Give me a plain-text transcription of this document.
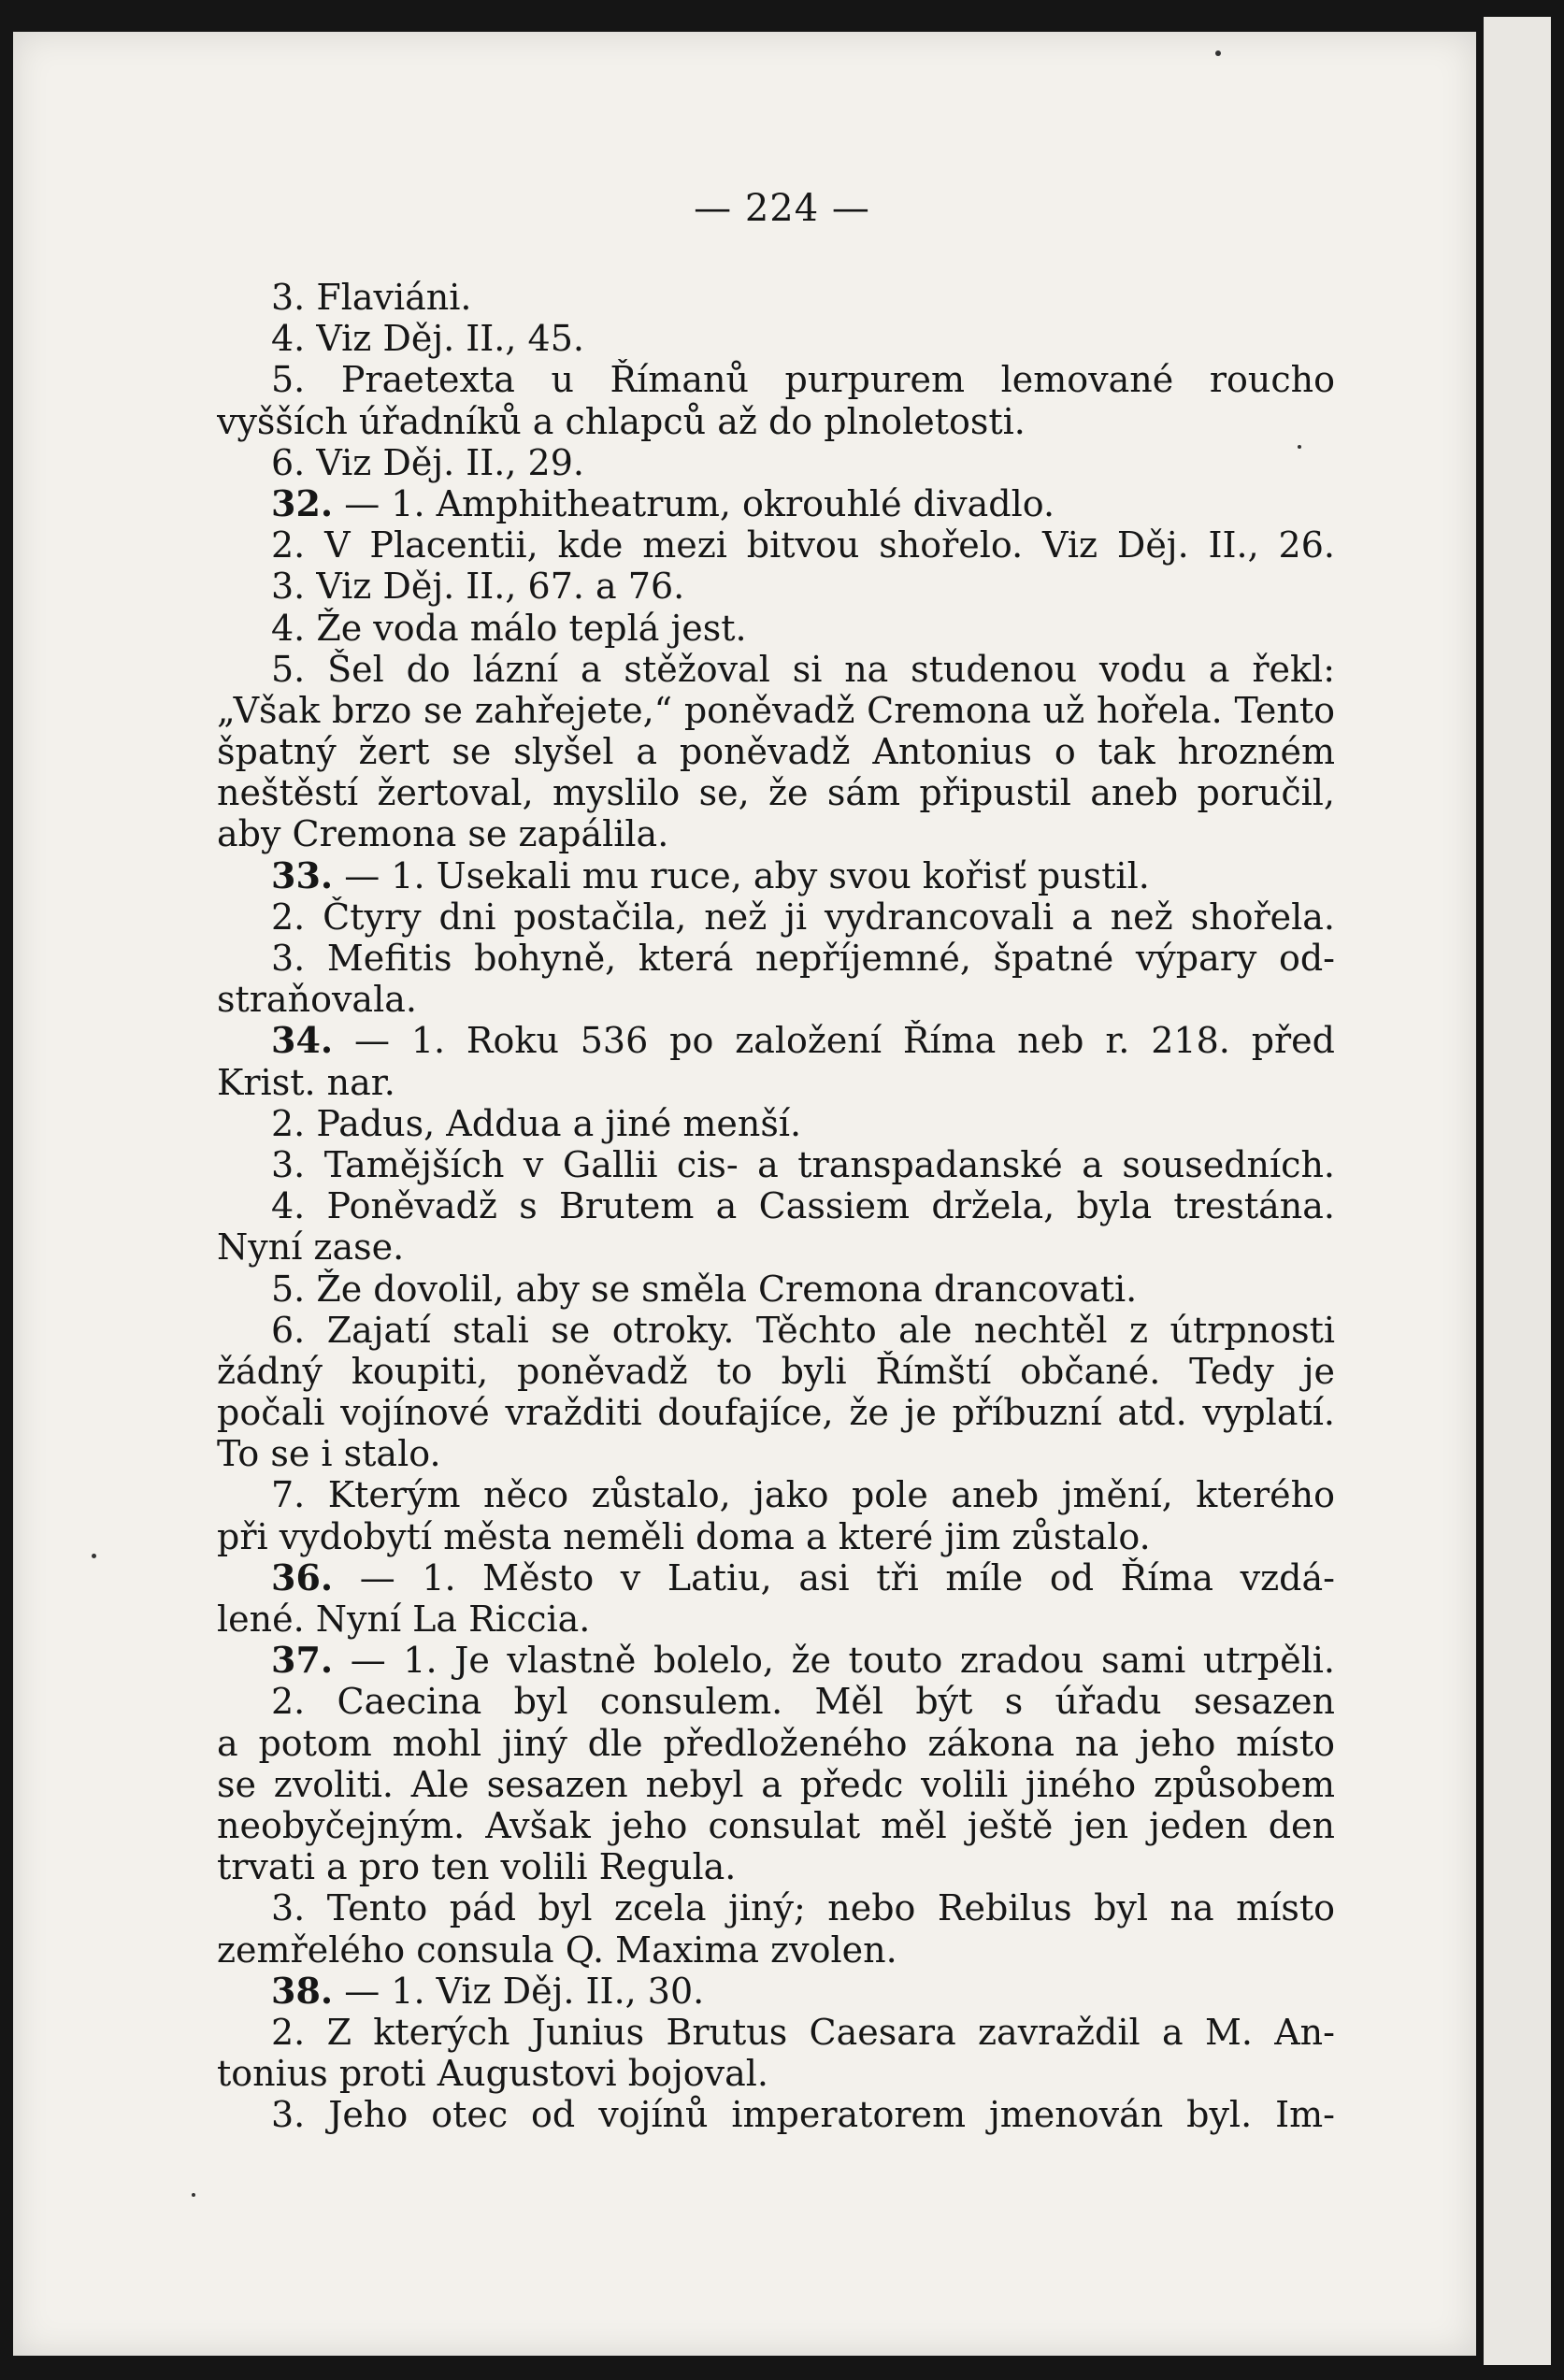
— 224 —
3. Flaviáni.
4. Viz Děj. II., 45.
5. Praetexta u Římanů purpurem lemované roucho
vyšších úřadníků a chlapců až do plnoletosti.
6. Viz Děj. II., 29.
32. — 1. Amphitheatrum, okrouhlé divadlo.
2. V Placentii, kde mezi bitvou shořelo. Viz Děj. II., 26.
3. Viz Děj. II., 67. a 76.
4. Že voda málo teplá jest.
5. Šel do lázní a stěžoval si na studenou vodu a řekl:
„Však brzo se zahřejete,“ poněvadž Cremona už hořela. Tento
špatný žert se slyšel a poněvadž Antonius o tak hrozném
neštěstí žertoval, myslilo se, že sám připustil aneb poručil,
aby Cremona se zapálila.
33. — 1. Usekali mu ruce, aby svou kořisť pustil.
2. Čtyry dni postačila, než ji vydrancovali a než shořela.
3. Mefitis bohyně, která nepříjemné, špatné výpary od-
straňovala.
34. — 1. Roku 536 po založení Říma neb r. 218. před
Krist. nar.
2. Padus, Addua a jiné menší.
3. Tamějších v Gallii cis- a transpadanské a sousedních.
4. Poněvadž s Brutem a Cassiem držela, byla trestána.
Nyní zase.
5. Že dovolil, aby se směla Cremona drancovati.
6. Zajatí stali se otroky. Těchto ale nechtěl z útrpnosti
žádný koupiti, poněvadž to byli Římští občané. Tedy je
počali vojínové vražditi doufajíce, že je příbuzní atd. vyplatí.
To se i stalo.
7. Kterým něco zůstalo, jako pole aneb jmění, kterého
při vydobytí města neměli doma a které jim zůstalo.
36. — 1. Město v Latiu, asi tři míle od Říma vzdá-
lené. Nyní La Riccia.
37. — 1. Je vlastně bolelo, že touto zradou sami utrpěli.
2. Caecina byl consulem. Měl být s úřadu sesazen
a potom mohl jiný dle předloženého zákona na jeho místo
se zvoliti. Ale sesazen nebyl a předc volili jiného způsobem
neobyčejným. Avšak jeho consulat měl ještě jen jeden den
trvati a pro ten volili Regula.
3. Tento pád byl zcela jiný; nebo Rebilus byl na místo
zemřelého consula Q. Maxima zvolen.
38. — 1. Viz Děj. II., 30.
2. Z kterých Junius Brutus Caesara zavraždil a M. An-
tonius proti Augustovi bojoval.
3. Jeho otec od vojínů imperatorem jmenován byl. Im-
